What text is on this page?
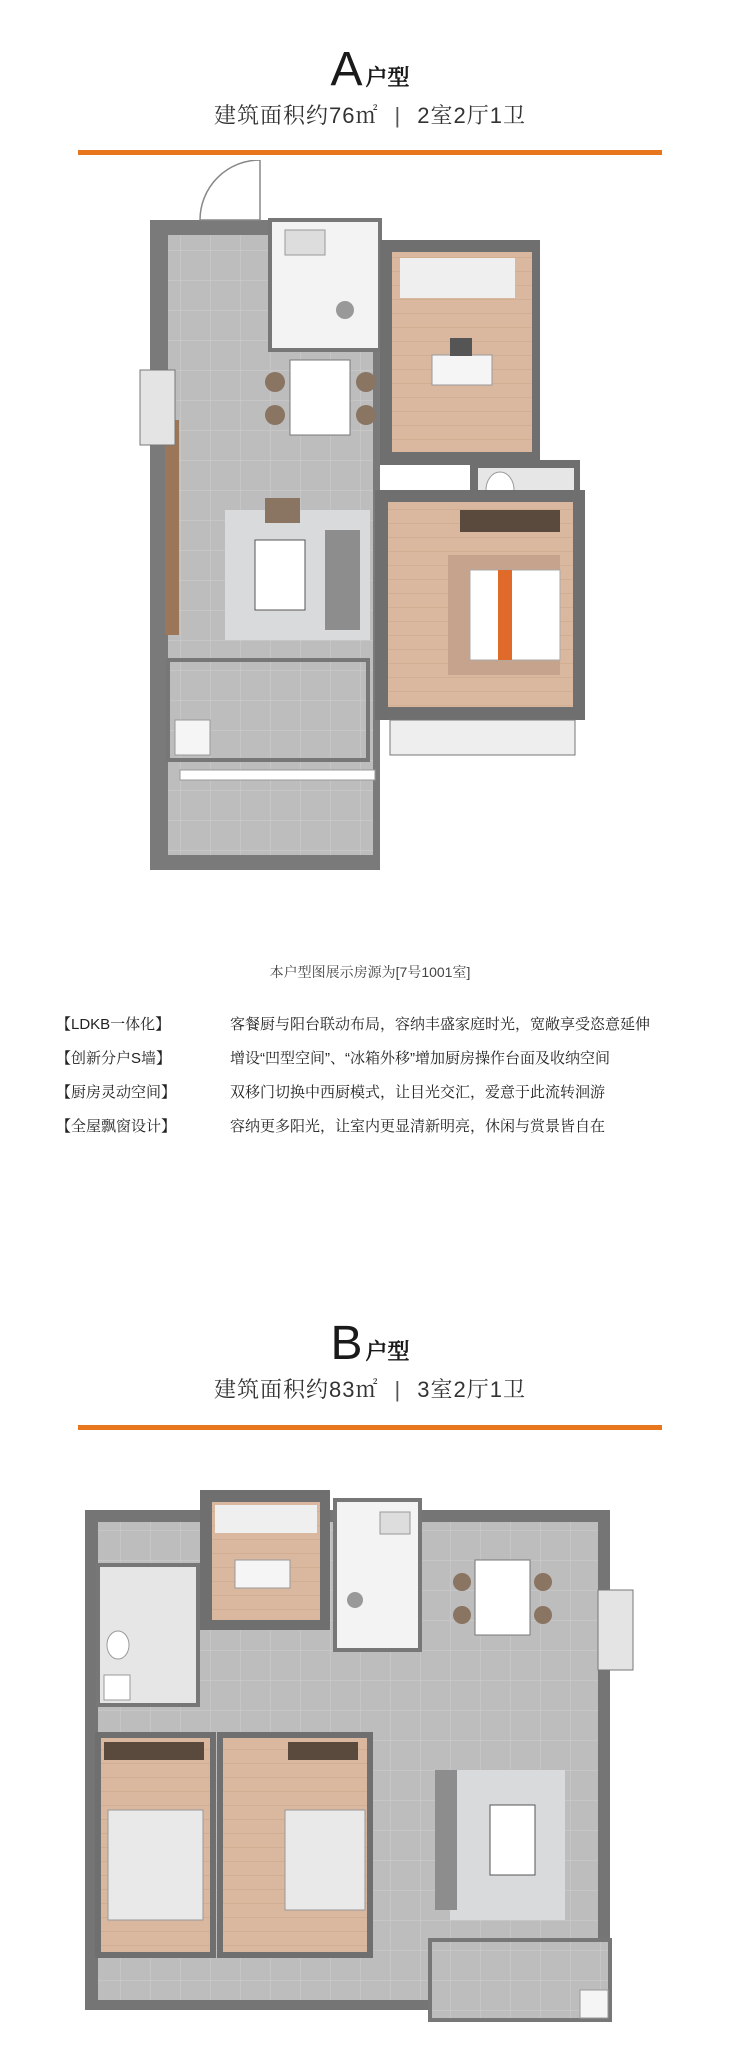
A户型
建筑面积约76㎡ | 2室2厅1卫
本户型图展示房源为[7号1001室]
【LDKB一体化】	客餐厨与阳台联动布局，容纳丰盛家庭时光，宽敞享受恣意延伸
【创新分户S墙】	增设“凹型空间”、“冰箱外移”增加厨房操作台面及收纳空间
【厨房灵动空间】	双移门切换中西厨模式，让目光交汇，爱意于此流转洄游
【全屋飘窗设计】	容纳更多阳光，让室内更显清新明亮，休闲与赏景皆自在
B户型
建筑面积约83㎡ | 3室2厅1卫
